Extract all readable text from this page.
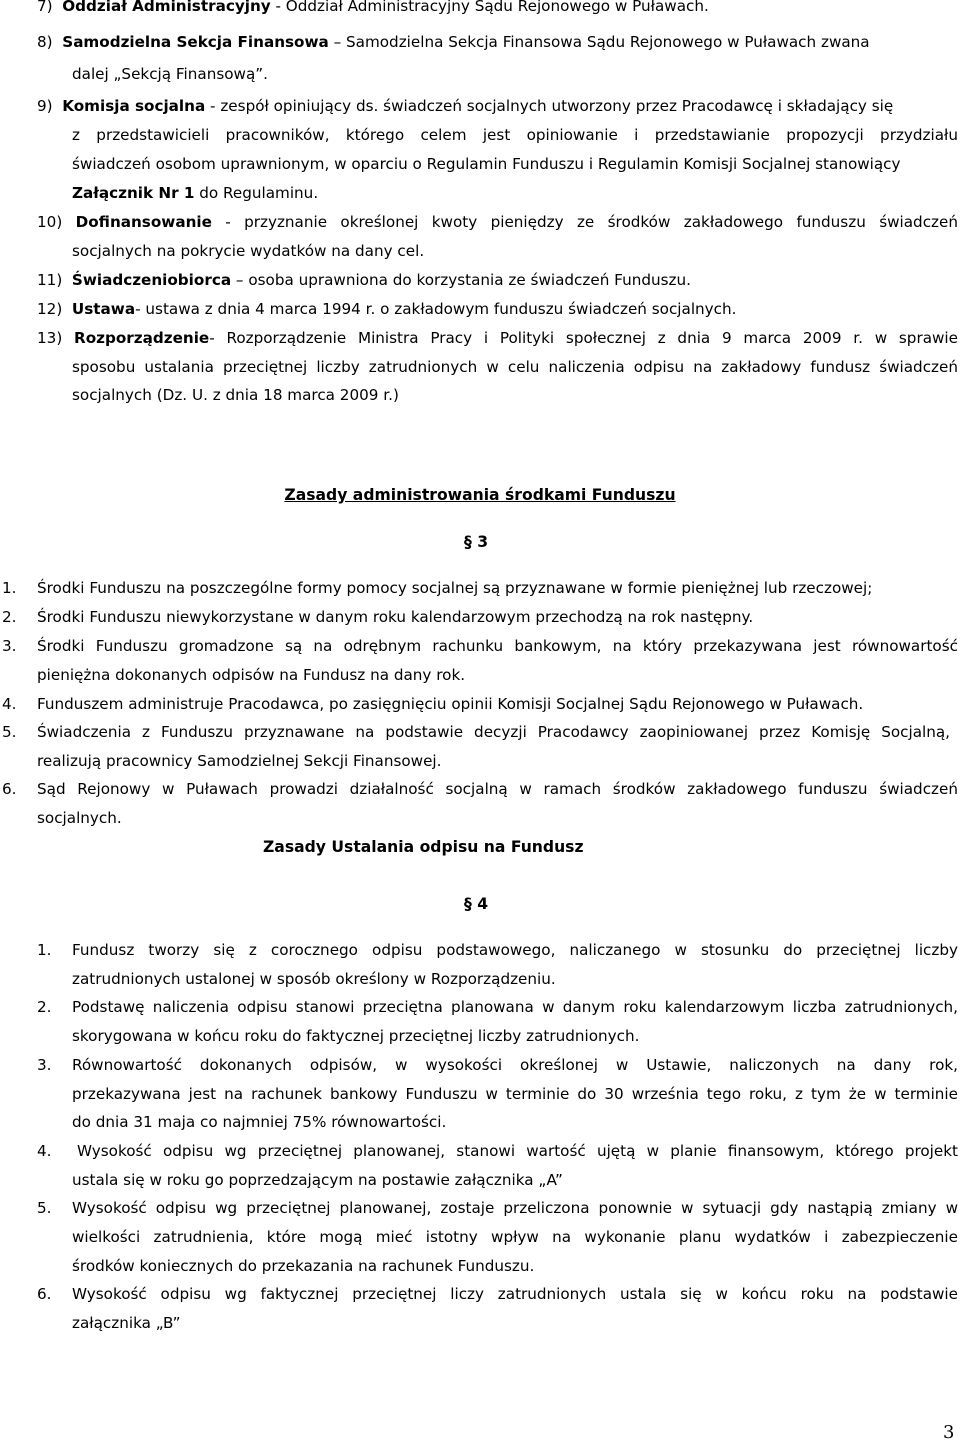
7) Oddział Administracyjny - Oddział Administracyjny Sądu Rejonowego w Puławach.
8) Samodzielna Sekcja Finansowa – Samodzielna Sekcja Finansowa Sądu Rejonowego w Puławach zwana
dalej „Sekcją Finansową”.
9) Komisja socjalna - zespół opiniujący ds. świadczeń socjalnych utworzony przez Pracodawcę i składający się
z przedstawicieli pracowników, którego celem jest opiniowanie i przedstawianie propozycji przydziału
świadczeń osobom uprawnionym, w oparciu o Regulamin Funduszu i Regulamin Komisji Socjalnej stanowiący
Załącznik Nr 1 do Regulaminu.
10) Dofinansowanie - przyznanie określonej kwoty pieniędzy ze środków zakładowego funduszu świadczeń
socjalnych na pokrycie wydatków na dany cel.
11) Świadczeniobiorca – osoba uprawniona do korzystania ze świadczeń Funduszu.
12) Ustawa- ustawa z dnia 4 marca 1994 r. o zakładowym funduszu świadczeń socjalnych.
13) Rozporządzenie- Rozporządzenie Ministra Pracy i Polityki społecznej z dnia 9 marca 2009 r. w sprawie
sposobu ustalania przeciętnej liczby zatrudnionych w celu naliczenia odpisu na zakładowy fundusz świadczeń
socjalnych (Dz. U. z dnia 18 marca 2009 r.)
Zasady administrowania środkami Funduszu
§ 3
1. Środki Funduszu na poszczególne formy pomocy socjalnej są przyznawane w formie pieniężnej lub rzeczowej;
2. Środki Funduszu niewykorzystane w danym roku kalendarzowym przechodzą na rok następny.
3. Środki Funduszu gromadzone są na odrębnym rachunku bankowym, na który przekazywana jest równowartość
pieniężna dokonanych odpisów na Fundusz na dany rok.
4. Funduszem administruje Pracodawca, po zasięgnięciu opinii Komisji Socjalnej Sądu Rejonowego w Puławach.
5. Świadczenia z Funduszu przyznawane na podstawie decyzji Pracodawcy zaopiniowanej przez Komisję Socjalną,
realizują pracownicy Samodzielnej Sekcji Finansowej.
6. Sąd Rejonowy w Puławach prowadzi działalność socjalną w ramach środków zakładowego funduszu świadczeń
socjalnych.
Zasady Ustalania odpisu na Fundusz
§ 4
1. Fundusz tworzy się z corocznego odpisu podstawowego, naliczanego w stosunku do przeciętnej liczby
zatrudnionych ustalonej w sposób określony w Rozporządzeniu.
2. Podstawę naliczenia odpisu stanowi przeciętna planowana w danym roku kalendarzowym liczba zatrudnionych,
skorygowana w końcu roku do faktycznej przeciętnej liczby zatrudnionych.
3. Równowartość dokonanych odpisów, w wysokości określonej w Ustawie, naliczonych na dany rok,
przekazywana jest na rachunek bankowy Funduszu w terminie do 30 września tego roku, z tym że w terminie
do dnia 31 maja co najmniej 75% równowartości.
4. Wysokość odpisu wg przeciętnej planowanej, stanowi wartość ujętą w planie finansowym, którego projekt
ustala się w roku go poprzedzającym na postawie załącznika „A”
5. Wysokość odpisu wg przeciętnej planowanej, zostaje przeliczona ponownie w sytuacji gdy nastąpią zmiany w
wielkości zatrudnienia, które mogą mieć istotny wpływ na wykonanie planu wydatków i zabezpieczenie
środków koniecznych do przekazania na rachunek Funduszu.
6. Wysokość odpisu wg faktycznej przeciętnej liczy zatrudnionych ustala się w końcu roku na podstawie
załącznika „B”
3
